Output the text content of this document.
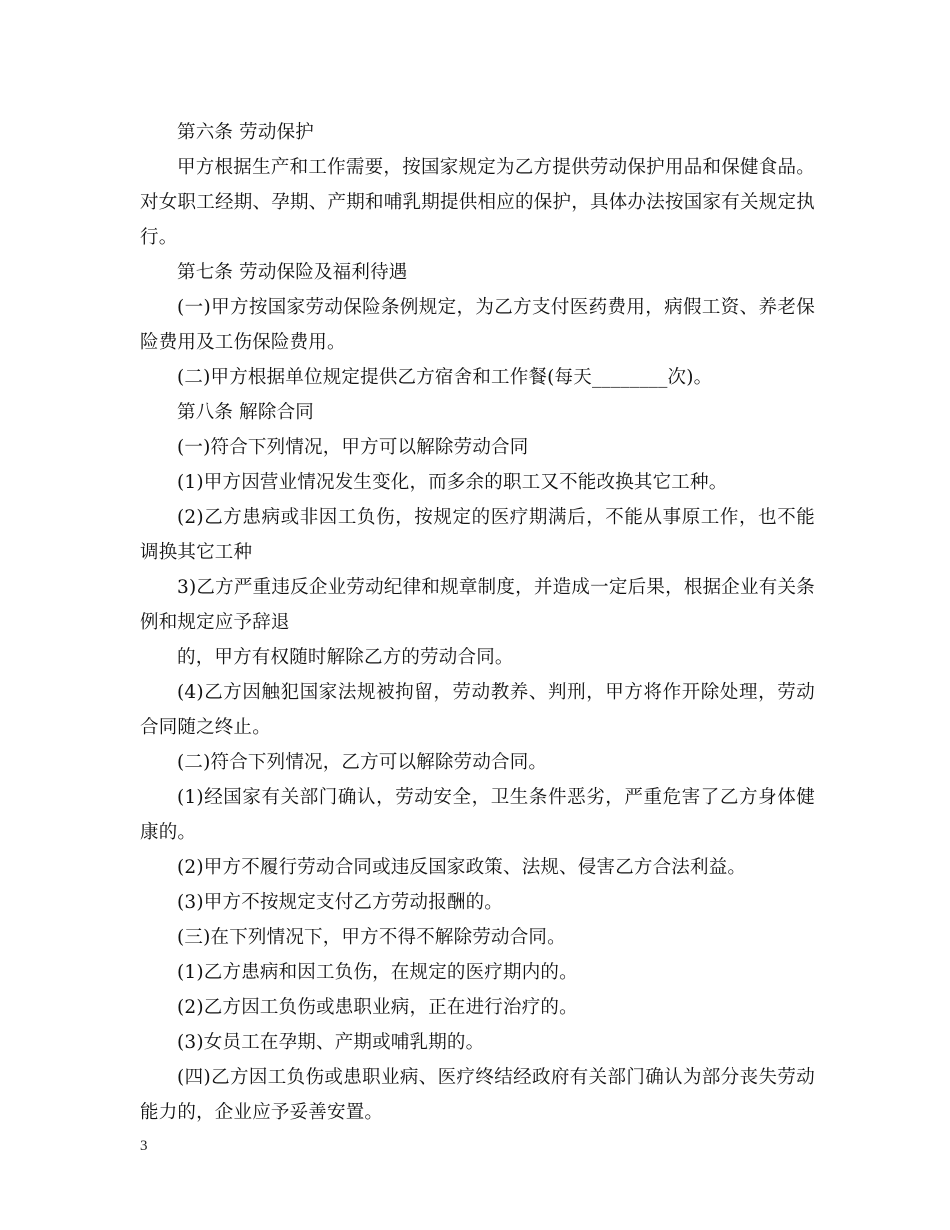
第六条 劳动保护

甲方根据生产和工作需要，按国家规定为乙方提供劳动保护用品和保健食品。对女职工经期、孕期、产期和哺乳期提供相应的保护，具体办法按国家有关规定执行。

第七条 劳动保险及福利待遇

(一)甲方按国家劳动保险条例规定，为乙方支付医药费用，病假工资、养老保险费用及工伤保险费用。

(二)甲方根据单位规定提供乙方宿舍和工作餐(每天________次)。

第八条 解除合同

(一)符合下列情况，甲方可以解除劳动合同

(1)甲方因营业情况发生变化，而多余的职工又不能改换其它工种。

(2)乙方患病或非因工负伤，按规定的医疗期满后，不能从事原工作，也不能调换其它工种

3)乙方严重违反企业劳动纪律和规章制度，并造成一定后果，根据企业有关条例和规定应予辞退

的，甲方有权随时解除乙方的劳动合同。

(4)乙方因触犯国家法规被拘留，劳动教养、判刑，甲方将作开除处理，劳动合同随之终止。

(二)符合下列情况，乙方可以解除劳动合同。

(1)经国家有关部门确认，劳动安全，卫生条件恶劣，严重危害了乙方身体健康的。

(2)甲方不履行劳动合同或违反国家政策、法规、侵害乙方合法利益。

(3)甲方不按规定支付乙方劳动报酬的。

(三)在下列情况下，甲方不得不解除劳动合同。

(1)乙方患病和因工负伤，在规定的医疗期内的。

(2)乙方因工负伤或患职业病，正在进行治疗的。

(3)女员工在孕期、产期或哺乳期的。

(四)乙方因工负伤或患职业病、医疗终结经政府有关部门确认为部分丧失劳动能力的，企业应予妥善安置。

3
